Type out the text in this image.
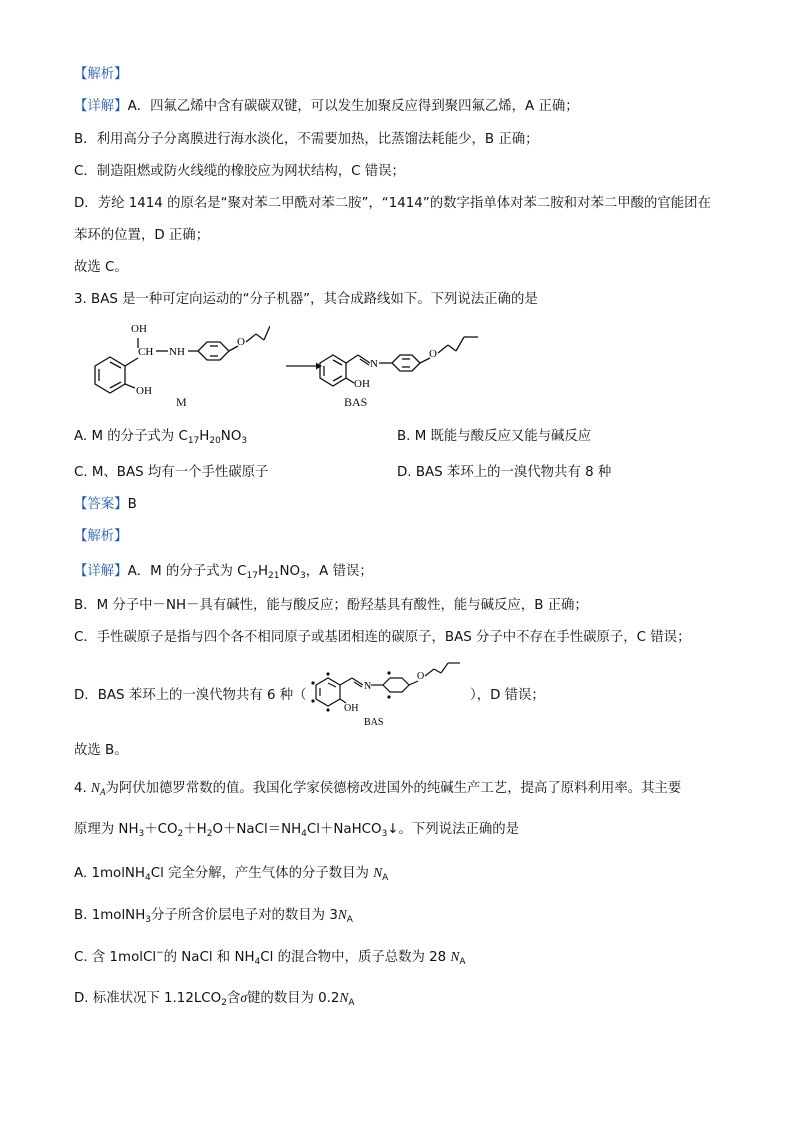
【解析】
【详解】A．四氟乙烯中含有碳碳双键，可以发生加聚反应得到聚四氟乙烯，A 正确；
B．利用高分子分离膜进行海水淡化，不需要加热，比蒸馏法耗能少，B 正确；
C．制造阻燃或防火线缆的橡胶应为网状结构，C 错误；
D．芳纶 1414 的原名是“聚对苯二甲酰对苯二胺”，“1414”的数字指单体对苯二胺和对苯二甲酸的官能团在
苯环的位置，D 正确；
故选 C。
3. BAS 是一种可定向运动的“分子机器”，其合成路线如下。下列说法正确的是
OH
CH NH
O
OH
M
N
O
OH
BAS
A. M 的分子式为 $C_{17}H_{20}NO_3$	B. M 既能与酸反应又能与碱反应
C. M、BAS 均有一个手性碳原子	D. BAS 苯环上的一溴代物共有 8 种
【答案】B
【解析】
【详解】A．M 的分子式为 $C_{17}H_{21}NO_3$，A 错误；
B．M 分子中－NH－具有碱性，能与酸反应；酚羟基具有酸性，能与碱反应，B 正确；
C．手性碳原子是指与四个各不相同原子或基团相连的碳原子，BAS 分子中不存在手性碳原子，C 错误；
D．BAS 苯环上的一溴代物共有 6 种（
N
O
OH
BAS
），D 错误；
故选 B。
4. $N_A$为阿伏加德罗常数的值。我国化学家侯德榜改进国外的纯碱生产工艺，提高了原料利用率。其主要
原理为 $NH_3+CO_2+H_2O+NaCl=NH_4Cl+NaHCO_3↓$。下列说法正确的是
A. 1molNH$_4$Cl 完全分解，产生气体的分子数目为 $N_A$
B. 1molNH$_3$分子所含价层电子对的数目为 $3N_A$
C. 含 1molCl−的 NaCl 和 $NH_4Cl$ 的混合物中，质子总数为 28 $N_A$
D. 标准状况下 $1.12LCO_2$含σ键的数目为 $0.2N_A$
